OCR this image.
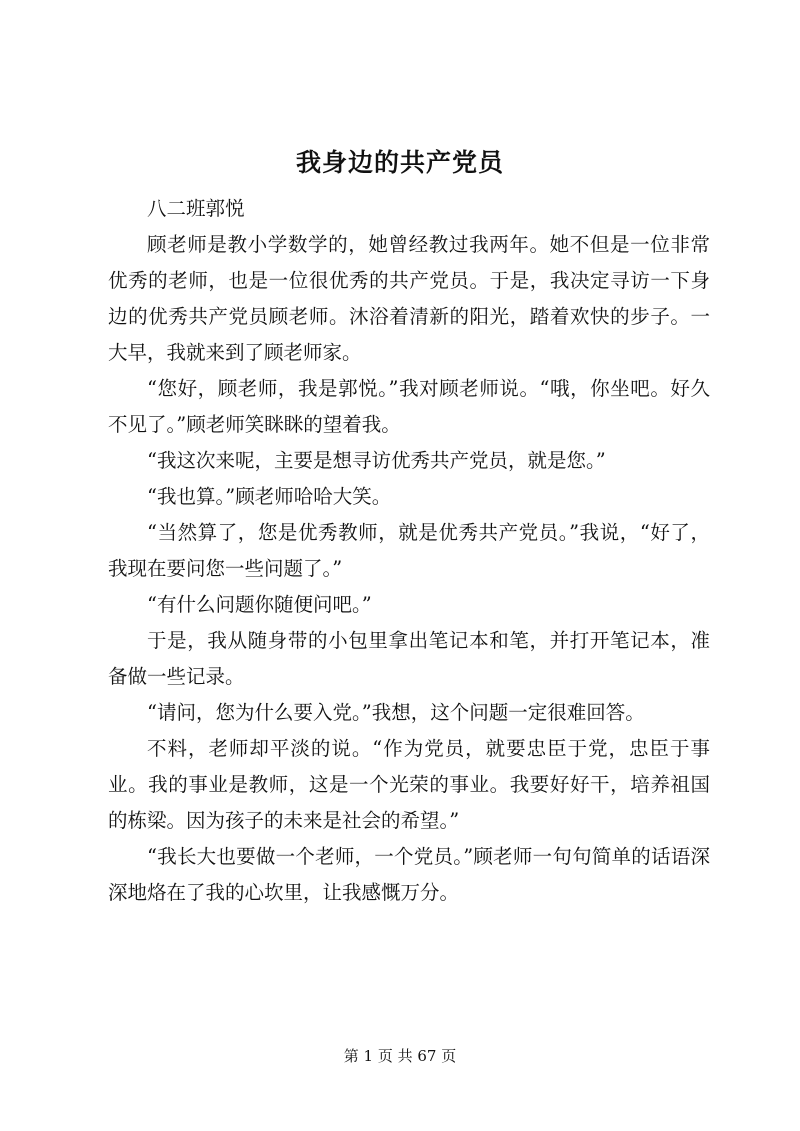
我身边的共产党员

八二班郭悦

顾老师是教小学数学的，她曾经教过我两年。她不但是一位非常优秀的老师，也是一位很优秀的共产党员。于是，我决定寻访一下身边的优秀共产党员顾老师。沐浴着清新的阳光，踏着欢快的步子。一大早，我就来到了顾老师家。

“您好，顾老师，我是郭悦。”我对顾老师说。“哦，你坐吧。好久不见了。”顾老师笑眯眯的望着我。

“我这次来呢，主要是想寻访优秀共产党员，就是您。”

“我也算。”顾老师哈哈大笑。

“当然算了，您是优秀教师，就是优秀共产党员。”我说，“好了，我现在要问您一些问题了。”

“有什么问题你随便问吧。”

于是，我从随身带的小包里拿出笔记本和笔，并打开笔记本，准备做一些记录。

“请问，您为什么要入党。”我想，这个问题一定很难回答。

不料，老师却平淡的说。“作为党员，就要忠臣于党，忠臣于事业。我的事业是教师，这是一个光荣的事业。我要好好干，培养祖国的栋梁。因为孩子的未来是社会的希望。”

“我长大也要做一个老师，一个党员。”顾老师一句句简单的话语深深地烙在了我的心坎里，让我感慨万分。

第 1 页 共 67 页
